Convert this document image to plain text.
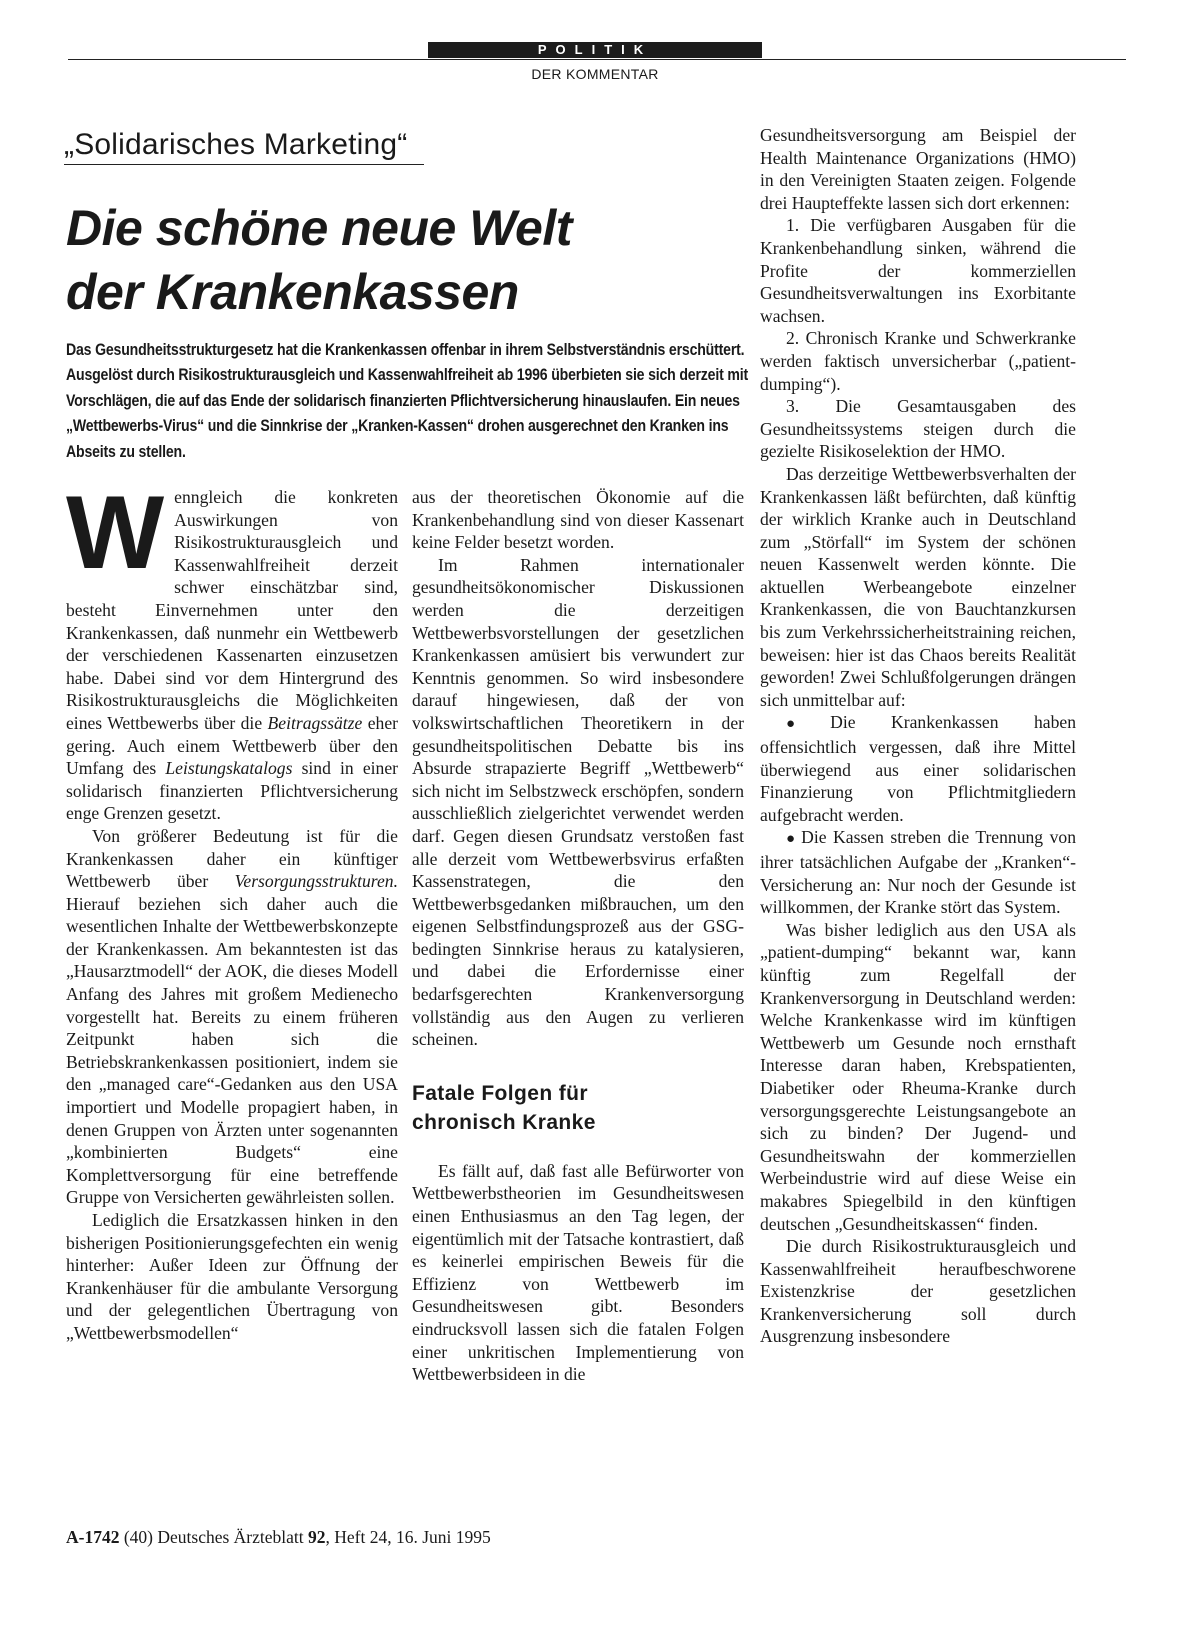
POLITIK
DER KOMMENTAR
„Solidarisches Marketing“
Die schöne neue Welt
der Krankenkassen
Das Gesundheitsstrukturgesetz hat die Krankenkassen offenbar in ihrem Selbstverständnis erschüttert. Ausgelöst durch Risikostrukturausgleich und Kassenwahlfreiheit ab 1996 überbieten sie sich derzeit mit Vorschlägen, die auf das Ende der solidarisch finanzierten Pflichtversicherung hinauslaufen. Ein neues „Wettbewerbs-Virus“ und die Sinnkrise der „Kranken-Kassen“ drohen ausgerechnet den Kranken ins Abseits zu stellen.

Wenngleich die konkreten Auswirkungen von Risikostrukturausgleich und Kassenwahlfreiheit derzeit schwer einschätzbar sind, besteht Einvernehmen unter den Krankenkassen, daß nunmehr ein Wettbewerb der verschiedenen Kassenarten einzusetzen habe. Dabei sind vor dem Hintergrund des Risikostrukturausgleichs die Möglichkeiten eines Wettbewerbs über die Beitragssätze eher gering. Auch einem Wettbewerb über den Umfang des Leistungskatalogs sind in einer solidarisch finanzierten Pflichtversicherung enge Grenzen gesetzt.

Von größerer Bedeutung ist für die Krankenkassen daher ein künftiger Wettbewerb über Versorgungsstrukturen. Hierauf beziehen sich daher auch die wesentlichen Inhalte der Wettbewerbskonzepte der Krankenkassen. Am bekanntesten ist das „Hausarztmodell“ der AOK, die dieses Modell Anfang des Jahres mit großem Medienecho vorgestellt hat. Bereits zu einem früheren Zeitpunkt haben sich die Betriebskrankenkassen positioniert, indem sie den „managed care“-Gedanken aus den USA importiert und Modelle propagiert haben, in denen Gruppen von Ärzten unter sogenannten „kombinierten Budgets“ eine Komplettversorgung für eine betreffende Gruppe von Versicherten gewährleisten sollen.

Lediglich die Ersatzkassen hinken in den bisherigen Positionierungsgefechten ein wenig hinterher: Außer Ideen zur Öffnung der Krankenhäuser für die ambulante Versorgung und der gelegentlichen Übertragung von „Wettbewerbsmodellen“

aus der theoretischen Ökonomie auf die Krankenbehandlung sind von dieser Kassenart keine Felder besetzt worden.

Im Rahmen internationaler gesundheitsökonomischer Diskussionen werden die derzeitigen Wettbewerbsvorstellungen der gesetzlichen Krankenkassen amüsiert bis verwundert zur Kenntnis genommen. So wird insbesondere darauf hingewiesen, daß der von volkswirtschaftlichen Theoretikern in der gesundheitspolitischen Debatte bis ins Absurde strapazierte Begriff „Wettbewerb“ sich nicht im Selbstzweck erschöpfen, sondern ausschließlich zielgerichtet verwendet werden darf. Gegen diesen Grundsatz verstoßen fast alle derzeit vom Wettbewerbsvirus erfaßten Kassenstrategen, die den Wettbewerbsgedanken mißbrauchen, um den eigenen Selbstfindungsprozeß aus der GSG-bedingten Sinnkrise heraus zu katalysieren, und dabei die Erfordernisse einer bedarfsgerechten Krankenversorgung vollständig aus den Augen zu verlieren scheinen.

Fatale Folgen für
chronisch Kranke

Es fällt auf, daß fast alle Befürworter von Wettbewerbstheorien im Gesundheitswesen einen Enthusiasmus an den Tag legen, der eigentümlich mit der Tatsache kontrastiert, daß es keinerlei empirischen Beweis für die Effizienz von Wettbewerb im Gesundheitswesen gibt. Besonders eindrucksvoll lassen sich die fatalen Folgen einer unkritischen Implementierung von Wettbewerbsideen in die

Gesundheitsversorgung am Beispiel der Health Maintenance Organizations (HMO) in den Vereinigten Staaten zeigen. Folgende drei Haupteffekte lassen sich dort erkennen:

1. Die verfügbaren Ausgaben für die Krankenbehandlung sinken, während die Profite der kommerziellen Gesundheitsverwaltungen ins Exorbitante wachsen.

2. Chronisch Kranke und Schwerkranke werden faktisch unversicherbar („patient-dumping“).

3. Die Gesamtausgaben des Gesundheitssystems steigen durch die gezielte Risikoselektion der HMO.

Das derzeitige Wettbewerbsverhalten der Krankenkassen läßt befürchten, daß künftig der wirklich Kranke auch in Deutschland zum „Störfall“ im System der schönen neuen Kassenwelt werden könnte. Die aktuellen Werbeangebote einzelner Krankenkassen, die von Bauchtanzkursen bis zum Verkehrssicherheitstraining reichen, beweisen: hier ist das Chaos bereits Realität geworden! Zwei Schlußfolgerungen drängen sich unmittelbar auf:

● Die Krankenkassen haben offensichtlich vergessen, daß ihre Mittel überwiegend aus einer solidarischen Finanzierung von Pflichtmitgliedern aufgebracht werden.

● Die Kassen streben die Trennung von ihrer tatsächlichen Aufgabe der „Kranken“-Versicherung an: Nur noch der Gesunde ist willkommen, der Kranke stört das System.

Was bisher lediglich aus den USA als „patient-dumping“ bekannt war, kann künftig zum Regelfall der Krankenversorgung in Deutschland werden: Welche Krankenkasse wird im künftigen Wettbewerb um Gesunde noch ernsthaft Interesse daran haben, Krebspatienten, Diabetiker oder Rheuma-Kranke durch versorgungsgerechte Leistungsangebote an sich zu binden? Der Jugend- und Gesundheitswahn der kommerziellen Werbeindustrie wird auf diese Weise ein makabres Spiegelbild in den künftigen deutschen „Gesundheitskassen“ finden.

Die durch Risikostrukturausgleich und Kassenwahlfreiheit heraufbeschworene Existenzkrise der gesetzlichen Krankenversicherung soll durch Ausgrenzung insbesondere

A-1742 (40) Deutsches Ärzteblatt 92, Heft 24, 16. Juni 1995
